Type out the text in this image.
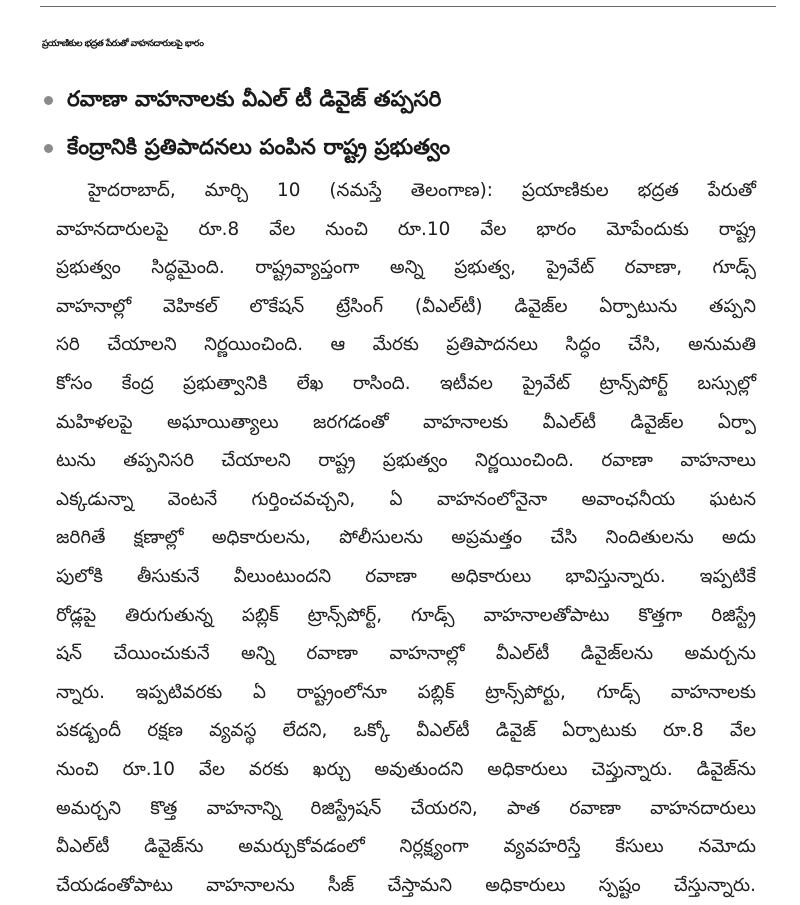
ప్రయాణికుల భద్రత పేరుతో వాహనదారులపై భారం
రవాణా వాహనాలకు వీఎల్ టీ డివైజ్ తప్పసరి
కేంద్రానికి ప్రతిపాదనలు పంపిన రాష్ట్ర ప్రభుత్వం
హైదరాబాద్, మార్చి 10 (నమస్తే తెలంగాణ): ప్రయాణికుల భద్రత పేరుతో
వాహనదారులపై రూ.8 వేల నుంచి రూ.10 వేల భారం మోపేందుకు రాష్ట్ర
ప్రభుత్వం సిద్ధమైంది. రాష్ట్రవ్యాప్తంగా అన్ని ప్రభుత్వ, ప్రైవేట్ రవాణా, గూడ్స్
వాహనాల్లో వెహికల్ లొకేషన్ ట్రేసింగ్ (వీఎల్‌టీ) డివైజ్‌ల ఏర్పాటును తప్పని
సరి చేయాలని నిర్ణయించింది. ఆ మేరకు ప్రతిపాదనలు సిద్ధం చేసి, అనుమతి
కోసం కేంద్ర ప్రభుత్వానికి లేఖ రాసింది. ఇటీవల ప్రైవేట్ ట్రాన్స్‌పోర్ట్ బస్సుల్లో
మహిళలపై అఘాయిత్యాలు జరగడంతో వాహనాలకు వీఎల్‌టీ డివైజ్‌ల ఏర్పా
టును తప్పనిసరి చేయాలని రాష్ట్ర ప్రభుత్వం నిర్ణయించింది. రవాణా వాహనాలు
ఎక్కడున్నా వెంటనే గుర్తించవచ్చని, ఏ వాహనంలోనైనా అవాంఛనీయ ఘటన
జరిగితే క్షణాల్లో అధికారులను, పోలీసులను అప్రమత్తం చేసి నిందితులను అదు
పులోకి తీసుకునే వీలుంటుందని రవాణా అధికారులు భావిస్తున్నారు. ఇప్పటికే
రోడ్లపై తిరుగుతున్న పబ్లిక్ ట్రాన్స్‌పోర్ట్, గూడ్స్ వాహనాలతోపాటు కొత్తగా రిజిస్ట్రే
షన్ చేయించుకునే అన్ని రవాణా వాహనాల్లో వీఎల్‌టీ డివైజ్‌లను అమర్చను
న్నారు. ఇప్పటివరకు ఏ రాష్ట్రంలోనూ పబ్లిక్ ట్రాన్స్‌పోర్టు, గూడ్స్ వాహనాలకు
పకడ్బందీ రక్షణ వ్యవస్థ లేదని, ఒక్కో వీఎల్‌టీ డివైజ్ ఏర్పాటుకు రూ.8 వేల
నుంచి రూ.10 వేల వరకు ఖర్చు అవుతుందని అధికారులు చెప్తున్నారు. డివైజ్‌ను
అమర్చని కొత్త వాహనాన్ని రిజిస్ట్రేషన్ చేయరని, పాత రవాణా వాహనదారులు
వీఎల్‌టీ డివైజ్‌ను అమర్చుకోవడంలో నిర్లక్ష్యంగా వ్యవహరిస్తే కేసులు నమోదు
చేయడంతోపాటు వాహనాలను సీజ్ చేస్తామని అధికారులు స్పష్టం చేస్తున్నారు.
